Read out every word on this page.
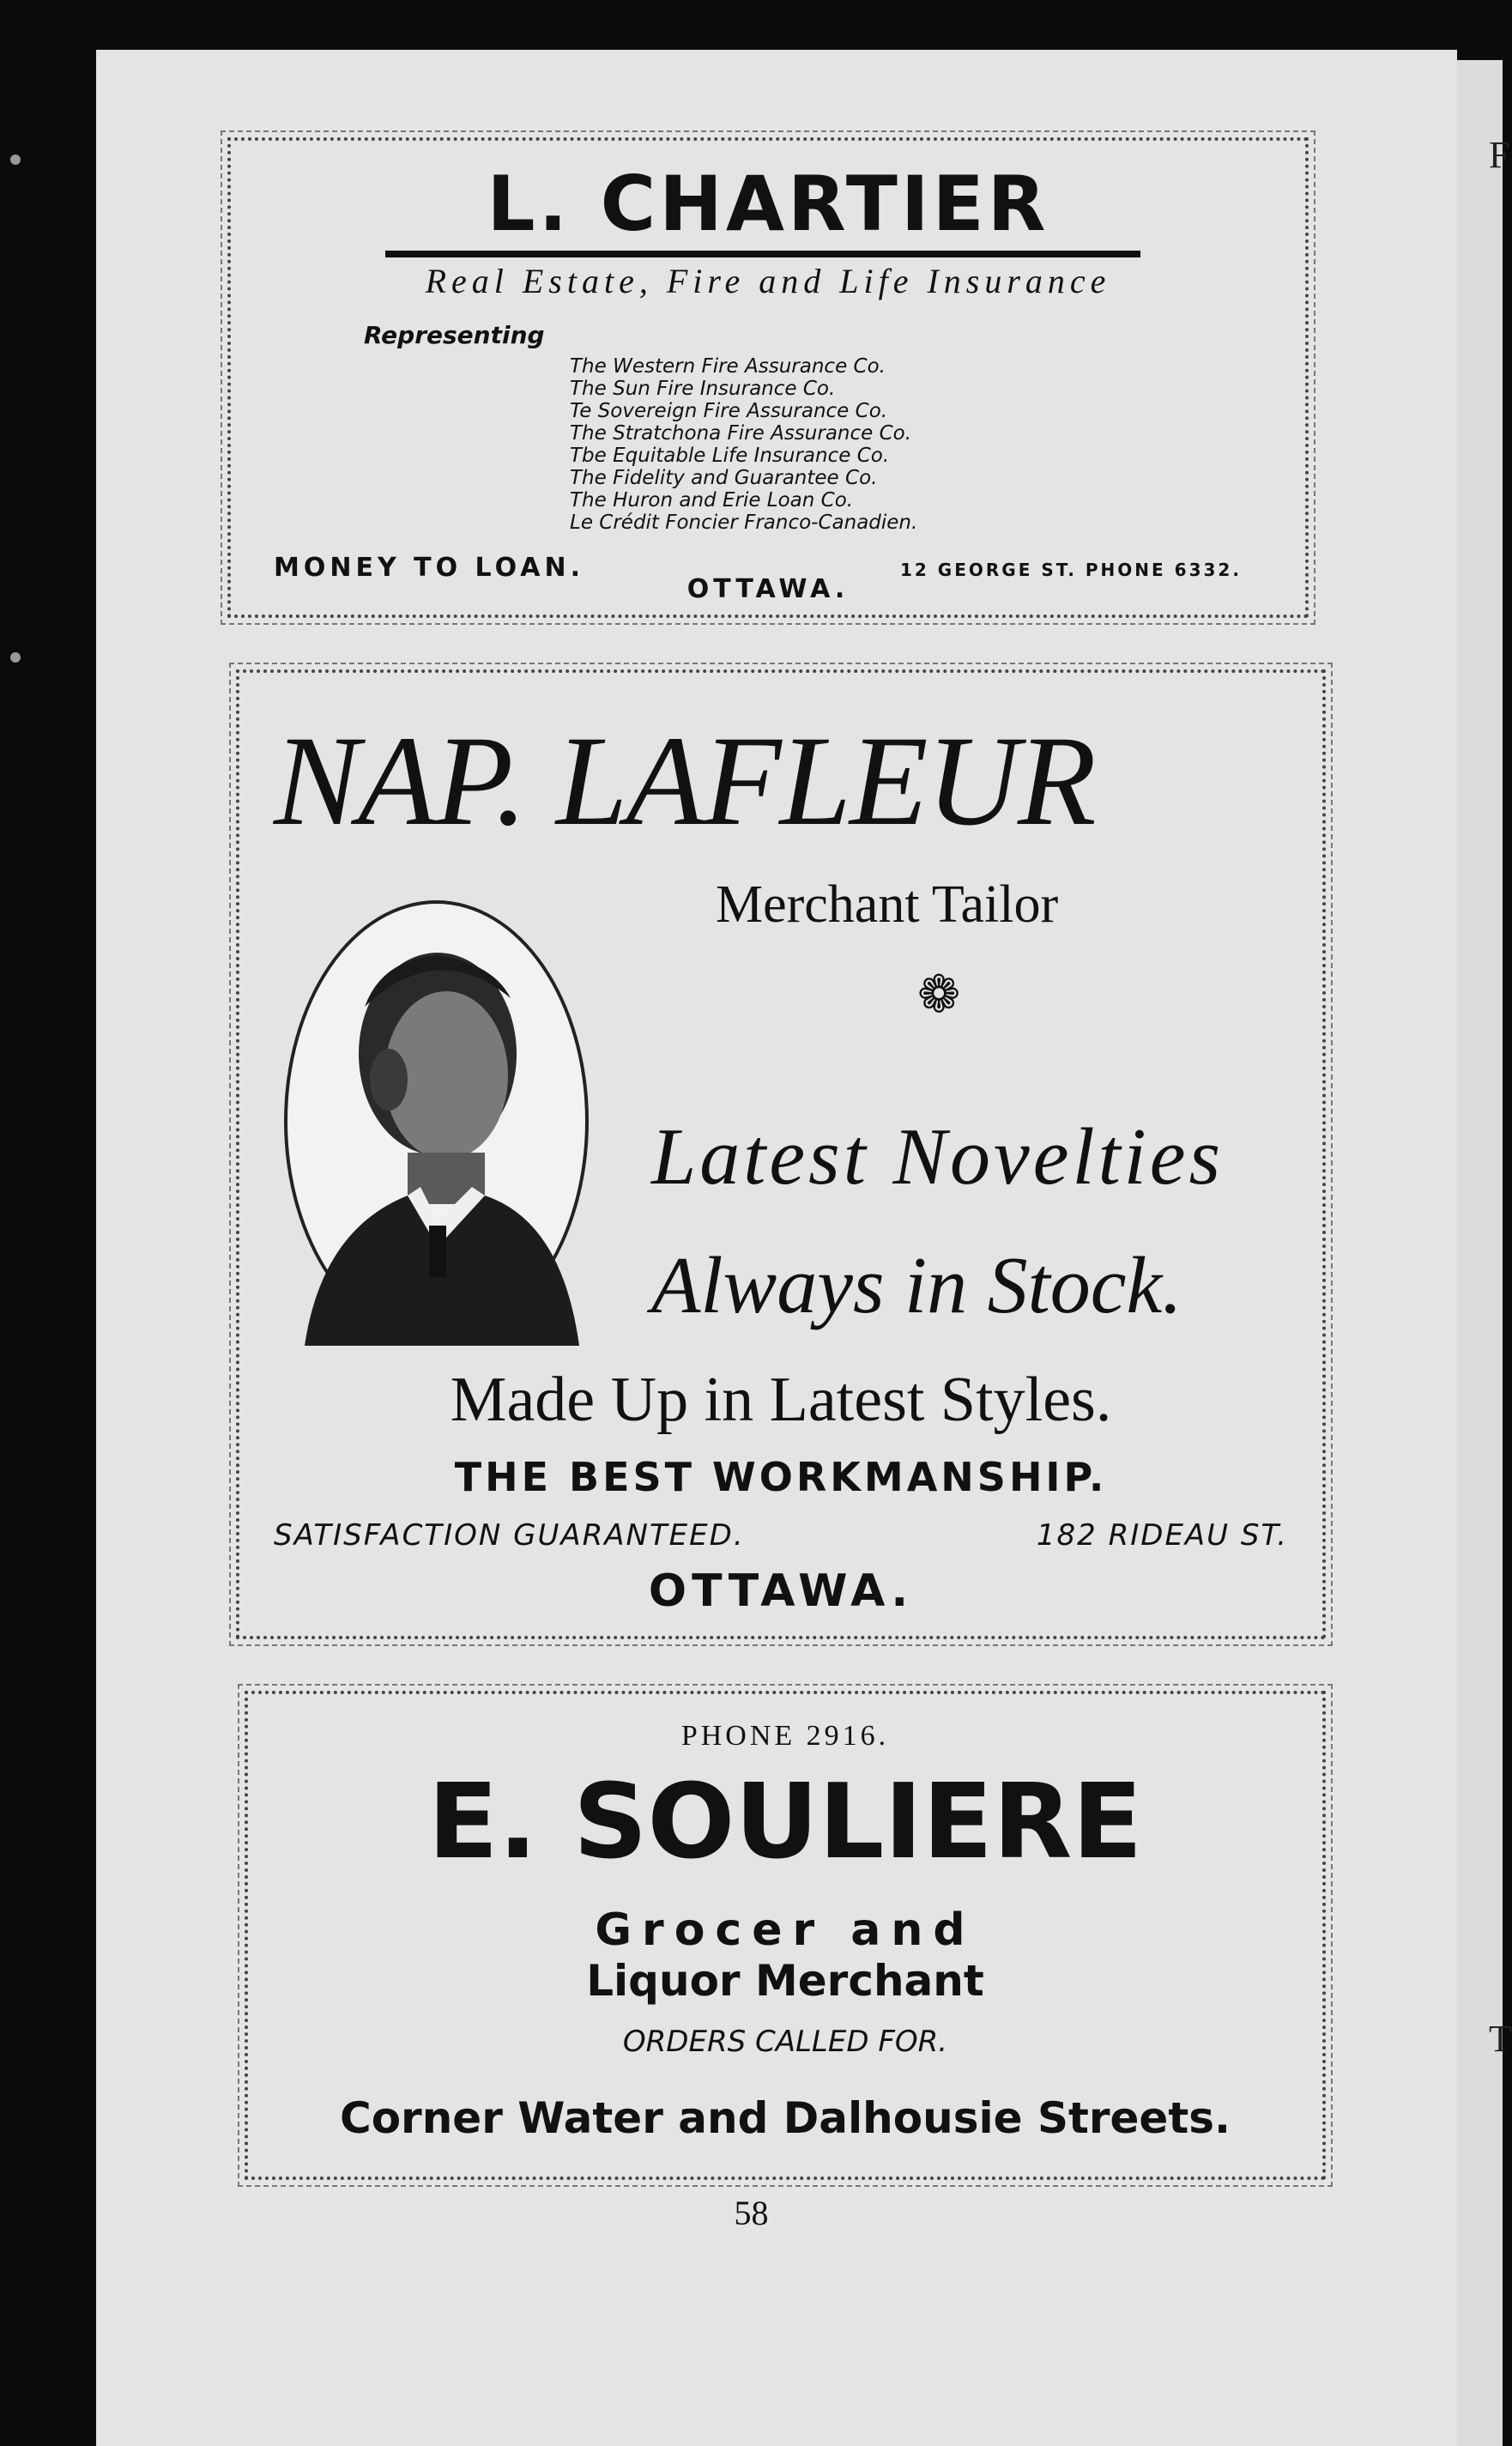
F
T
L. CHARTIER
Real Estate, Fire and Life Insurance
Representing
The Western Fire Assurance Co.
The Sun Fire Insurance Co.
Te Sovereign Fire Assurance Co.
The Stratchona Fire Assurance Co.
Tbe Equitable Life Insurance Co.
The Fidelity and Guarantee Co.
The Huron and Erie Loan Co.
Le Crédit Foncier Franco-Canadien.
MONEY TO LOAN.
OTTAWA.
12 GEORGE ST. PHONE 6332.
NAP. LAFLEUR
Merchant Tailor
❁
Latest Novelties
Always in Stock.
Made Up in Latest Styles.
THE BEST WORKMANSHIP.
SATISFACTION GUARANTEED.	182 RIDEAU ST.
OTTAWA.
PHONE 2916.
E. SOULIERE
Grocer and
Liquor Merchant
ORDERS CALLED FOR.
Corner Water and Dalhousie Streets.
58
